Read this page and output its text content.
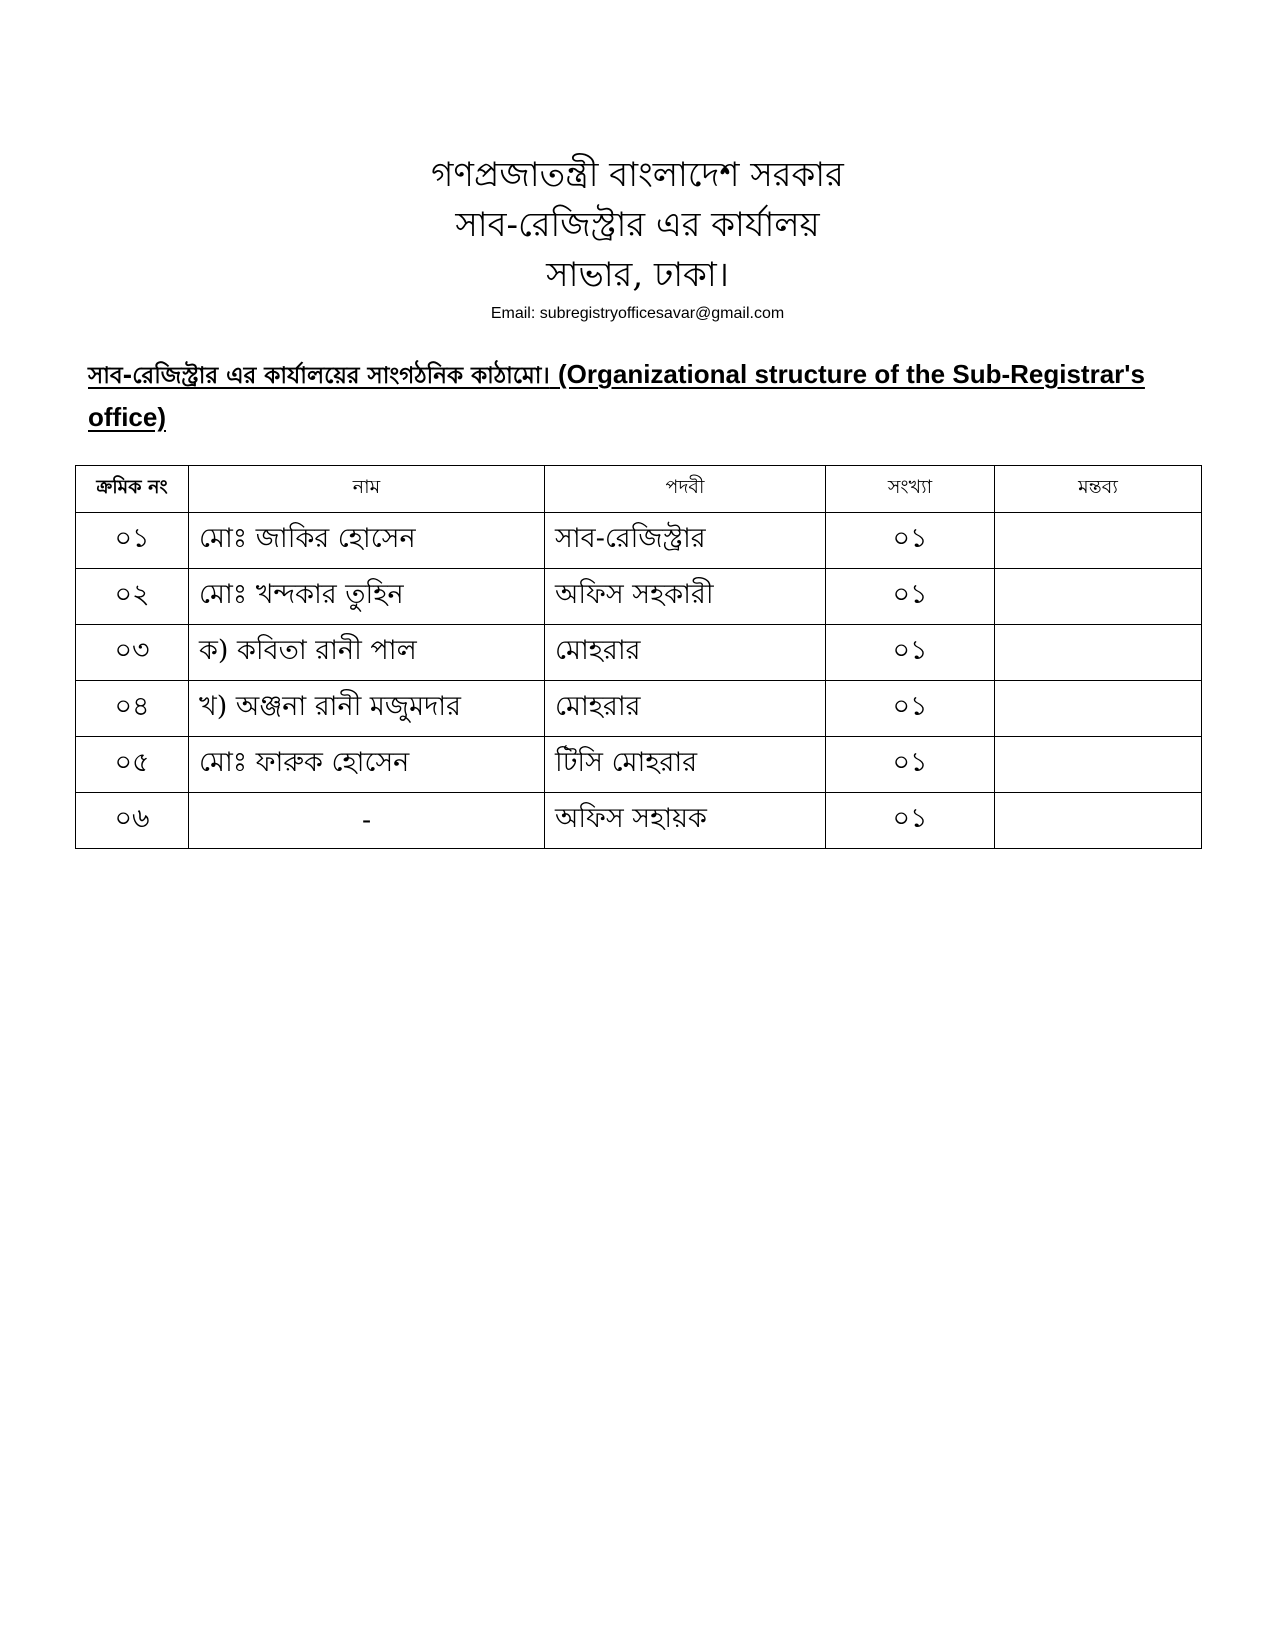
গণপ্রজাতন্ত্রী বাংলাদেশ সরকার
সাব-রেজিস্ট্রার এর কার্যালয়
সাভার, ঢাকা।
Email: subregistryofficesavar@gmail.com
সাব-রেজিস্ট্রার এর কার্যালয়ের সাংগঠনিক কাঠামো। (Organizational structure of the Sub-Registrar's office)
ক্রমিক নং	নাম	পদবী	সংখ্যা	মন্তব্য
০১	মোঃ জাকির হোসেন	সাব-রেজিস্ট্রার	০১	
০২	মোঃ খন্দকার তুহিন	অফিস সহকারী	০১	
০৩	ক) কবিতা রানী পাল	মোহরার	০১	
০৪	খ) অঞ্জনা রানী মজুমদার	মোহরার	০১	
০৫	মোঃ ফারুক হোসেন	টিসি মোহরার	০১	
০৬	-	অফিস সহায়ক	০১	
